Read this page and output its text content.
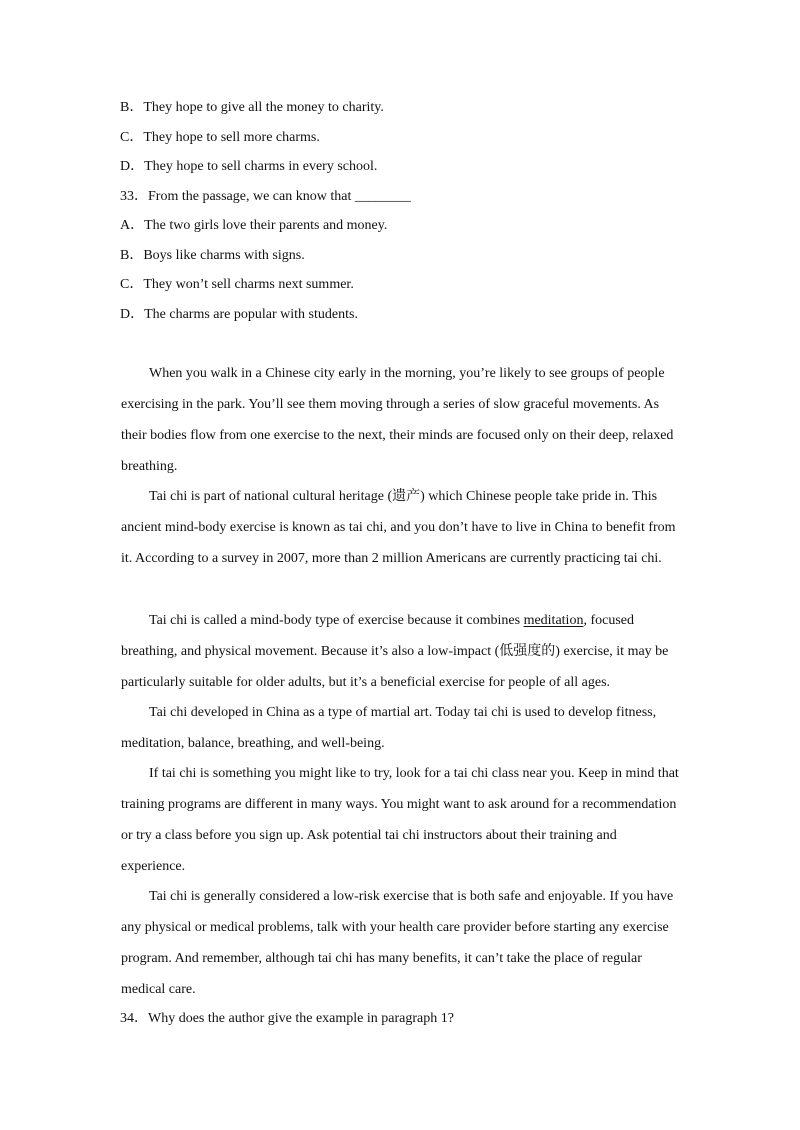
B．They hope to give all the money to charity.
C．They hope to sell more charms.
D．They hope to sell charms in every school.
33．From the passage, we can know that ________
A．The two girls love their parents and money.
B．Boys like charms with signs.
C．They won’t sell charms next summer.
D．The charms are popular with students.

When you walk in a Chinese city early in the morning, you’re likely to see groups of people exercising in the park. You’ll see them moving through a series of slow graceful movements. As their bodies flow from one exercise to the next, their minds are focused only on their deep, relaxed breathing.

Tai chi is part of national cultural heritage (遗产) which Chinese people take pride in. This ancient mind-body exercise is known as tai chi, and you don’t have to live in China to benefit from it. According to a survey in 2007, more than 2 million Americans are currently practicing tai chi.

Tai chi is called a mind-body type of exercise because it combines meditation, focused breathing, and physical movement. Because it’s also a low-impact (低强度的) exercise, it may be particularly suitable for older adults, but it’s a beneficial exercise for people of all ages.

Tai chi developed in China as a type of martial art. Today tai chi is used to develop fitness, meditation, balance, breathing, and well-being.

If tai chi is something you might like to try, look for a tai chi class near you. Keep in mind that training programs are different in many ways. You might want to ask around for a recommendation or try a class before you sign up. Ask potential tai chi instructors about their training and experience.

Tai chi is generally considered a low-risk exercise that is both safe and enjoyable. If you have any physical or medical problems, talk with your health care provider before starting any exercise program. And remember, although tai chi has many benefits, it can’t take the place of regular medical care.

34．Why does the author give the example in paragraph 1?
